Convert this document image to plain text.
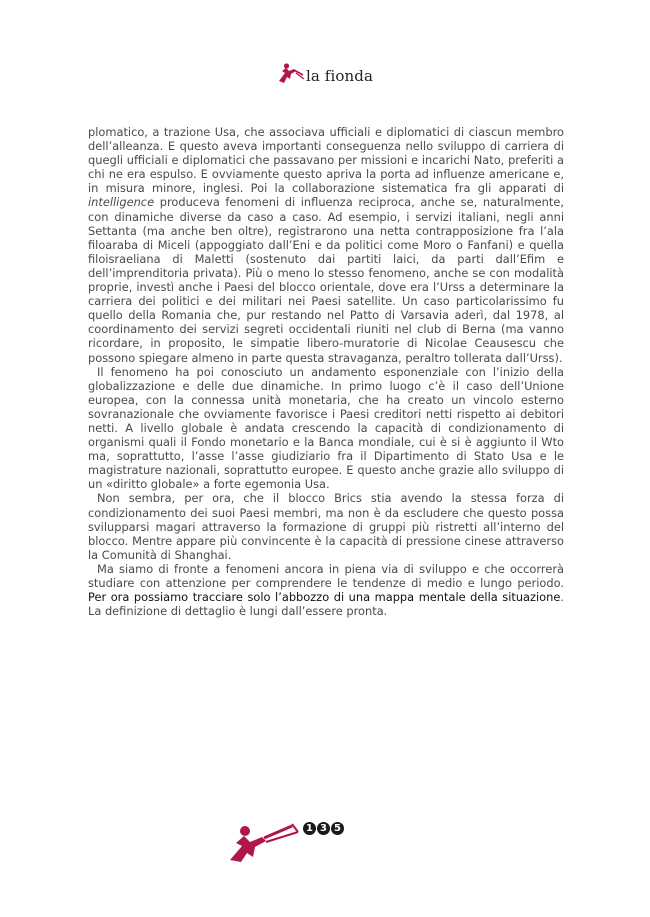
la fionda

plomatico, a trazione Usa, che associava ufficiali e diplomatici di ciascun membro dell’alleanza. E questo aveva importanti conseguenza nello sviluppo di carriera di quegli ufficiali e diplomatici che passavano per missioni e incarichi Nato, preferiti a chi ne era espulso. E ovviamente questo apriva la porta ad influenze americane e, in misura minore, inglesi. Poi la collaborazione sistematica fra gli apparati di intelligence produceva fenomeni di influenza reciproca, anche se, naturalmente, con dinamiche diverse da caso a caso. Ad esempio, i servizi italiani, negli anni Settanta (ma anche ben oltre), registrarono una netta contrapposizione fra l’ala filoaraba di Miceli (appoggiato dall’Eni e da politici come Moro o Fanfani) e quella filoisraeliana di Maletti (sostenuto dai partiti laici, da parti dall’Efim e dell’imprenditoria privata). Più o meno lo stesso fenomeno, anche se con modalità proprie, investì anche i Paesi del blocco orientale, dove era l’Urss a determinare la carriera dei politici e dei militari nei Paesi satellite. Un caso particolarissimo fu quello della Romania che, pur restando nel Patto di Varsavia aderì, dal 1978, al coordinamento dei servizi segreti occidentali riuniti nel club di Berna (ma vanno ricordare, in proposito, le simpatie libero-muratorie di Nicolae Ceausescu che possono spiegare almeno in parte questa stravaganza, peraltro tollerata dall’Urss).

Il fenomeno ha poi conosciuto un andamento esponenziale con l’inizio della globalizzazione e delle due dinamiche. In primo luogo c’è il caso dell’Unione europea, con la connessa unità monetaria, che ha creato un vincolo esterno sovranazionale che ovviamente favorisce i Paesi creditori netti rispetto ai debitori netti. A livello globale è andata crescendo la capacità di condizionamento di organismi quali il Fondo monetario e la Banca mondiale, cui è si è aggiunto il Wto ma, soprattutto, l’asse l’asse giudiziario fra il Dipartimento di Stato Usa e le magistrature nazionali, soprattutto europee. E questo anche grazie allo sviluppo di un «diritto globale» a forte egemonia Usa.

Non sembra, per ora, che il blocco Brics stia avendo la stessa forza di condizionamento dei suoi Paesi membri, ma non è da escludere che questo possa svilupparsi magari attraverso la formazione di gruppi più ristretti all’interno del blocco. Mentre appare più convincente è la capacità di pressione cinese attraverso la Comunità di Shanghai.

Ma siamo di fronte a fenomeni ancora in piena via di sviluppo e che occorrerà studiare con attenzione per comprendere le tendenze di medio e lungo periodo. Per ora possiamo tracciare solo l’abbozzo di una mappa mentale della situazione. La definizione di dettaglio è lungi dall’essere pronta.

1 3 5
